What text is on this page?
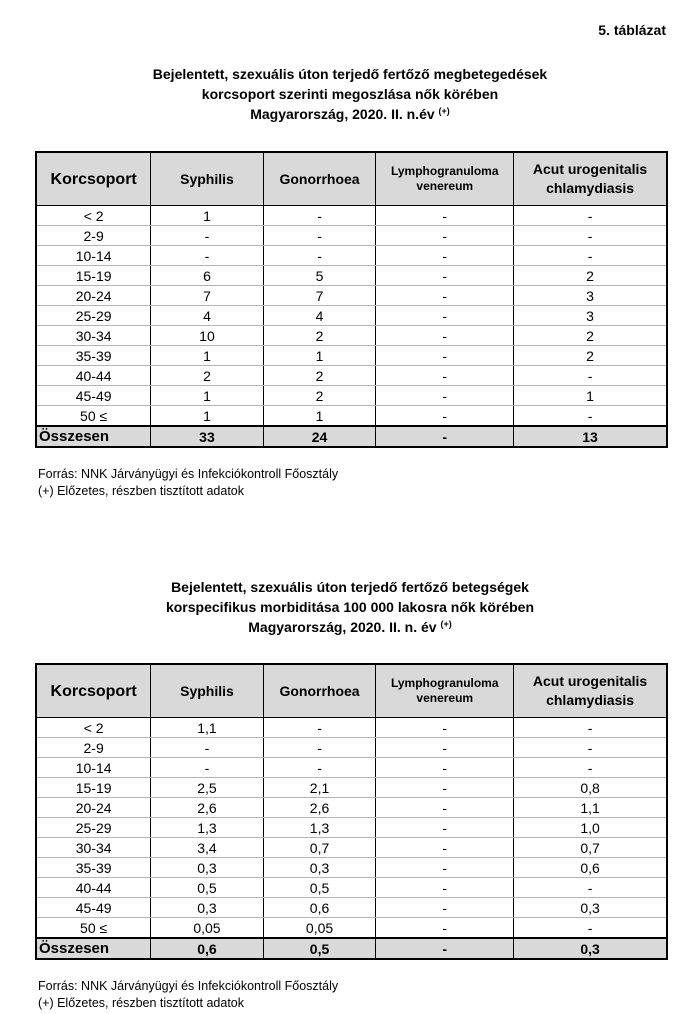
5. táblázat
Bejelentett, szexuális úton terjedő fertőző megbetegedések
korcsoport szerinti megoszlása nők körében
Magyarország, 2020. II. n.év (+)
Korcsoport	Syphilis	Gonorrhoea	Lymphogranuloma venereum	Acut urogenitalis chlamydiasis
< 2	1	-	-	-
2-9	-	-	-	-
10-14	-	-	-	-
15-19	6	5	-	2
20-24	7	7	-	3
25-29	4	4	-	3
30-34	10	2	-	2
35-39	1	1	-	2
40-44	2	2	-	-
45-49	1	2	-	1
50 ≤	1	1	-	-
Összesen	33	24	-	13
Forrás: NNK Járványügyi és Infekciókontroll Főosztály
(+) Előzetes, részben tisztított adatok
Bejelentett, szexuális úton terjedő fertőző betegségek
korspecifikus morbiditása 100 000 lakosra nők körében
Magyarország, 2020. II. n. év (+)
Korcsoport	Syphilis	Gonorrhoea	Lymphogranuloma venereum	Acut urogenitalis chlamydiasis
< 2	1,1	-	-	-
2-9	-	-	-	-
10-14	-	-	-	-
15-19	2,5	2,1	-	0,8
20-24	2,6	2,6	-	1,1
25-29	1,3	1,3	-	1,0
30-34	3,4	0,7	-	0,7
35-39	0,3	0,3	-	0,6
40-44	0,5	0,5	-	-
45-49	0,3	0,6	-	0,3
50 ≤	0,05	0,05	-	-
Összesen	0,6	0,5	-	0,3
Forrás: NNK Járványügyi és Infekciókontroll Főosztály
(+) Előzetes, részben tisztított adatok
